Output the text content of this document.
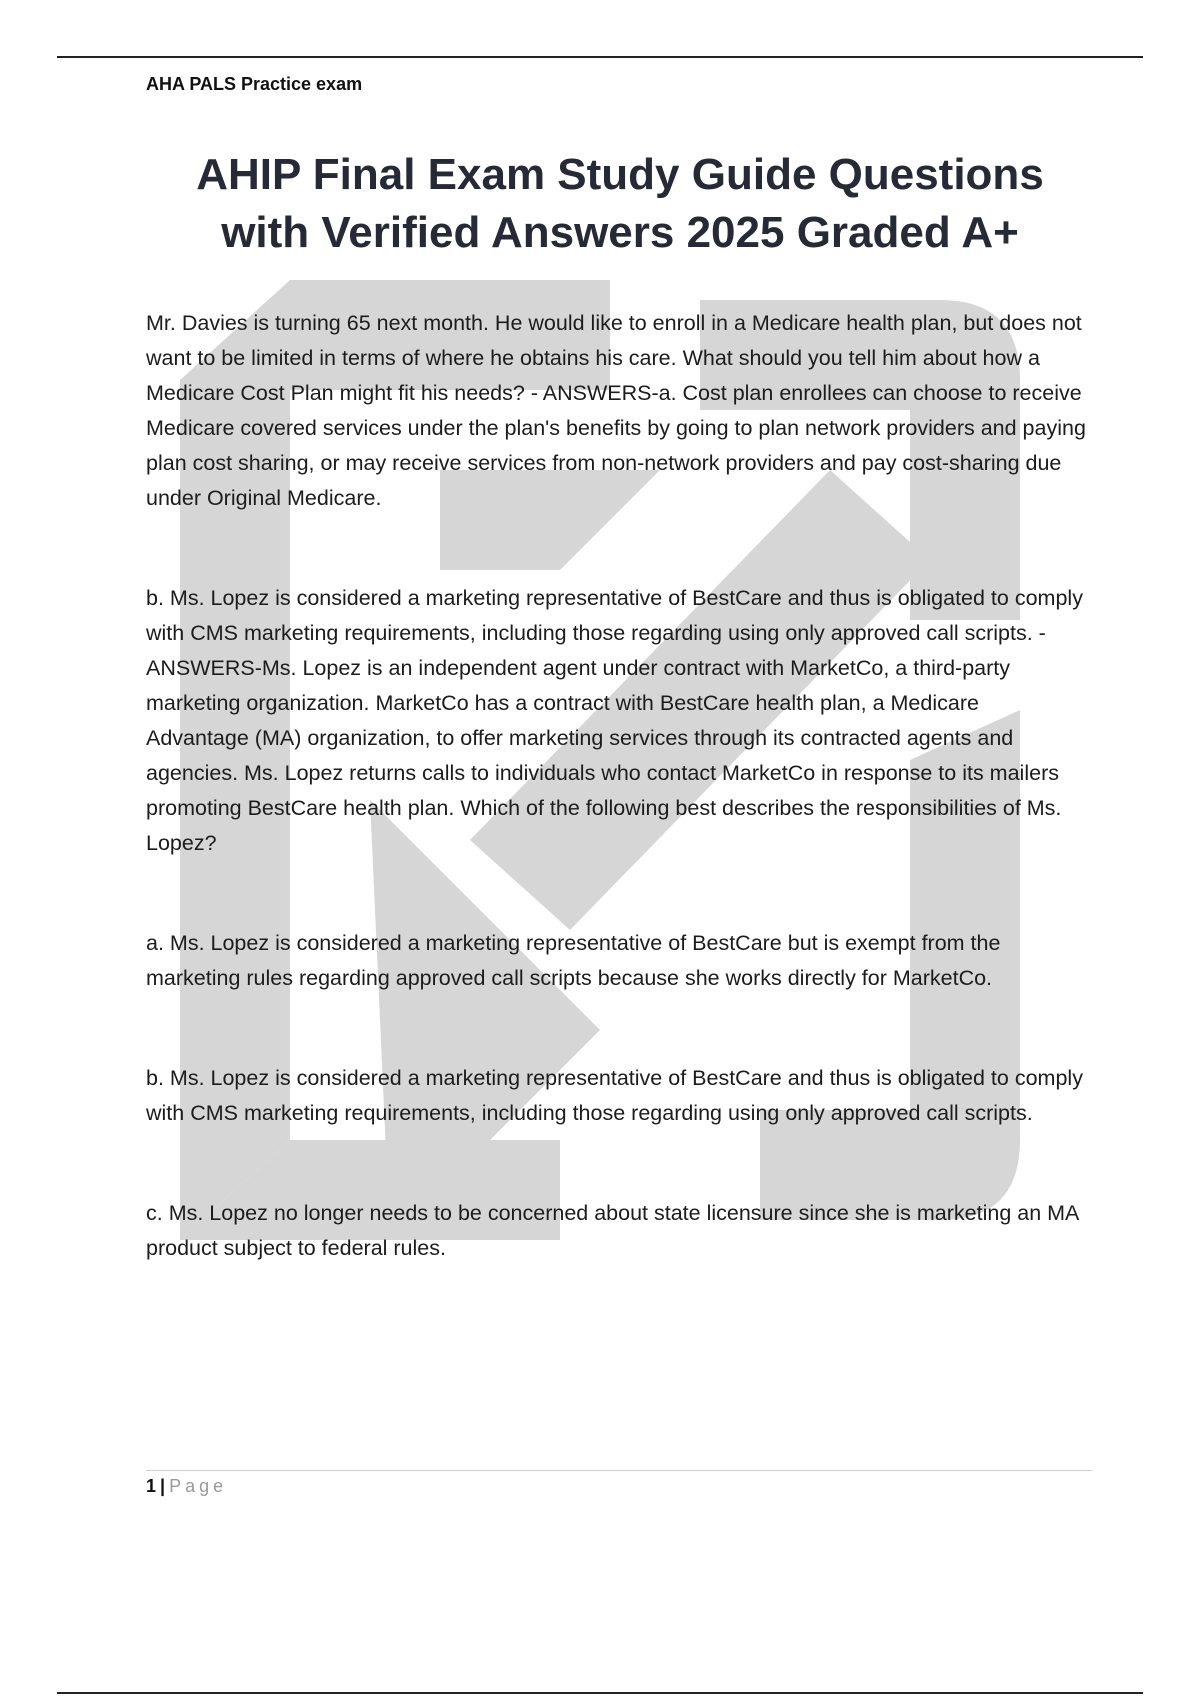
AHA PALS Practice exam
AHIP Final Exam Study Guide Questions
with Verified Answers 2025 Graded A+

Mr. Davies is turning 65 next month. He would like to enroll in a Medicare health plan, but does not want to be limited in terms of where he obtains his care. What should you tell him about how a Medicare Cost Plan might fit his needs? - ANSWERS-a. Cost plan enrollees can choose to receive Medicare covered services under the plan's benefits by going to plan network providers and paying plan cost sharing, or may receive services from non-network providers and pay cost-sharing due under Original Medicare.

b. Ms. Lopez is considered a marketing representative of BestCare and thus is obligated to comply with CMS marketing requirements, including those regarding using only approved call scripts. - ANSWERS-Ms. Lopez is an independent agent under contract with MarketCo, a third-party marketing organization. MarketCo has a contract with BestCare health plan, a Medicare Advantage (MA) organization, to offer marketing services through its contracted agents and agencies. Ms. Lopez returns calls to individuals who contact MarketCo in response to its mailers promoting BestCare health plan. Which of the following best describes the responsibilities of Ms. Lopez?

a. Ms. Lopez is considered a marketing representative of BestCare but is exempt from the marketing rules regarding approved call scripts because she works directly for MarketCo.

b. Ms. Lopez is considered a marketing representative of BestCare and thus is obligated to comply with CMS marketing requirements, including those regarding using only approved call scripts.

c. Ms. Lopez no longer needs to be concerned about state licensure since she is marketing an MA product subject to federal rules.

1 | Page
